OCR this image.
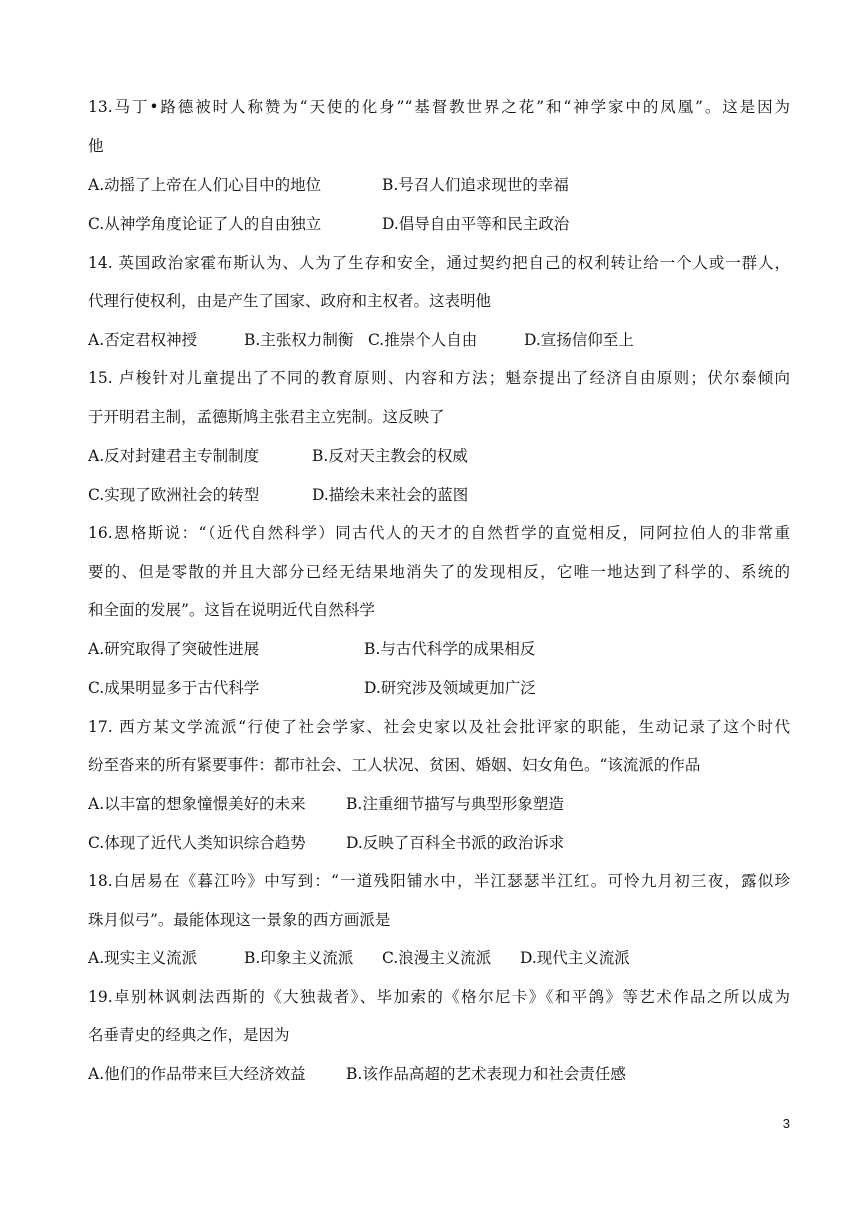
13.马丁•路德被时人称赞为“天使的化身”“基督教世界之花”和“神学家中的凤凰”。这是因为
他
A.动摇了上帝在人们心目中的地位	B.号召人们追求现世的幸福
C.从神学角度论证了人的自由独立	D.倡导自由平等和民主政治
14. 英国政治家霍布斯认为、人为了生存和安全，通过契约把自己的权利转让给一个人或一群人，
代理行使权利，由是产生了国家、政府和主权者。这表明他
A.否定君权神授	B.主张权力制衡 C.推崇个人自由	D.宣扬信仰至上
15. 卢梭针对儿童提出了不同的教育原则、内容和方法；魁奈提出了经济自由原则；伏尔泰倾向
于开明君主制，孟德斯鸠主张君主立宪制。这反映了
A.反对封建君主专制制度	B.反对天主教会的权威
C.实现了欧洲社会的转型	D.描绘未来社会的蓝图
16.恩格斯说：“（近代自然科学）同古代人的天才的自然哲学的直觉相反，同阿拉伯人的非常重
要的、但是零散的并且大部分已经无结果地消失了的发现相反，它唯一地达到了科学的、系统的
和全面的发展”。这旨在说明近代自然科学
A.研究取得了突破性进展	B.与古代科学的成果相反
C.成果明显多于古代科学	D.研究涉及领域更加广泛
17. 西方某文学流派“行使了社会学家、社会史家以及社会批评家的职能，生动记录了这个时代
纷至沓来的所有紧要事件：都市社会、工人状况、贫困、婚姻、妇女角色。“该流派的作品
A.以丰富的想象憧憬美好的未来	B.注重细节描写与典型形象塑造
C.体现了近代人类知识综合趋势	D.反映了百科全书派的政治诉求
18.白居易在《暮江吟》中写到：“一道残阳铺水中，半江瑟瑟半江红。可怜九月初三夜，露似珍
珠月似弓”。最能体现这一景象的西方画派是
A.现实主义流派	B.印象主义流派 C.浪漫主义流派 D.现代主义流派
19.卓别林讽刺法西斯的《大独裁者》、毕加索的《格尔尼卡》《和平鸽》等艺术作品之所以成为
名垂青史的经典之作，是因为
A.他们的作品带来巨大经济效益	B.该作品高超的艺术表现力和社会责任感
3
